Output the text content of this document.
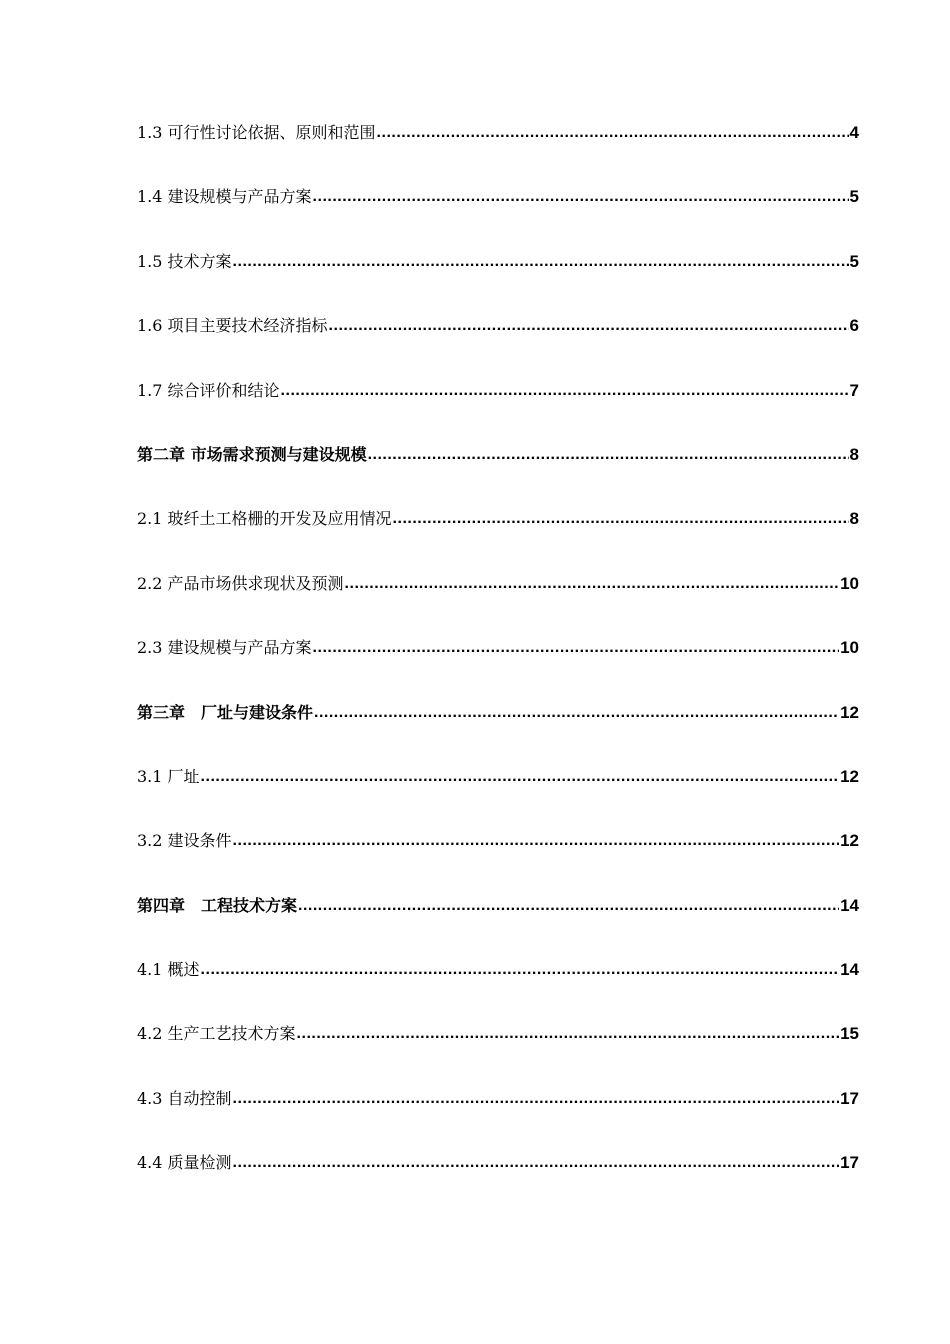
1.3 可行性讨论依据、原则和范围 .....	4
1.4 建设规模与产品方案 .....	5
1.5 技术方案 .....	5
1.6 项目主要技术经济指标 .....	6
1.7 综合评价和结论 .....	7
第二章 市场需求预测与建设规模 .....	8
2.1 玻纤土工格栅的开发及应用情况 .....	8
2.2 产品市场供求现状及预测 .....	10
2.3 建设规模与产品方案 .....	10
第三章　厂址与建设条件 .....	12
3.1 厂址 .....	12
3.2 建设条件 .....	12
第四章　工程技术方案 .....	14
4.1 概述 .....	14
4.2 生产工艺技术方案 .....	15
4.3 自动控制 .....	17
4.4 质量检测 .....	17
